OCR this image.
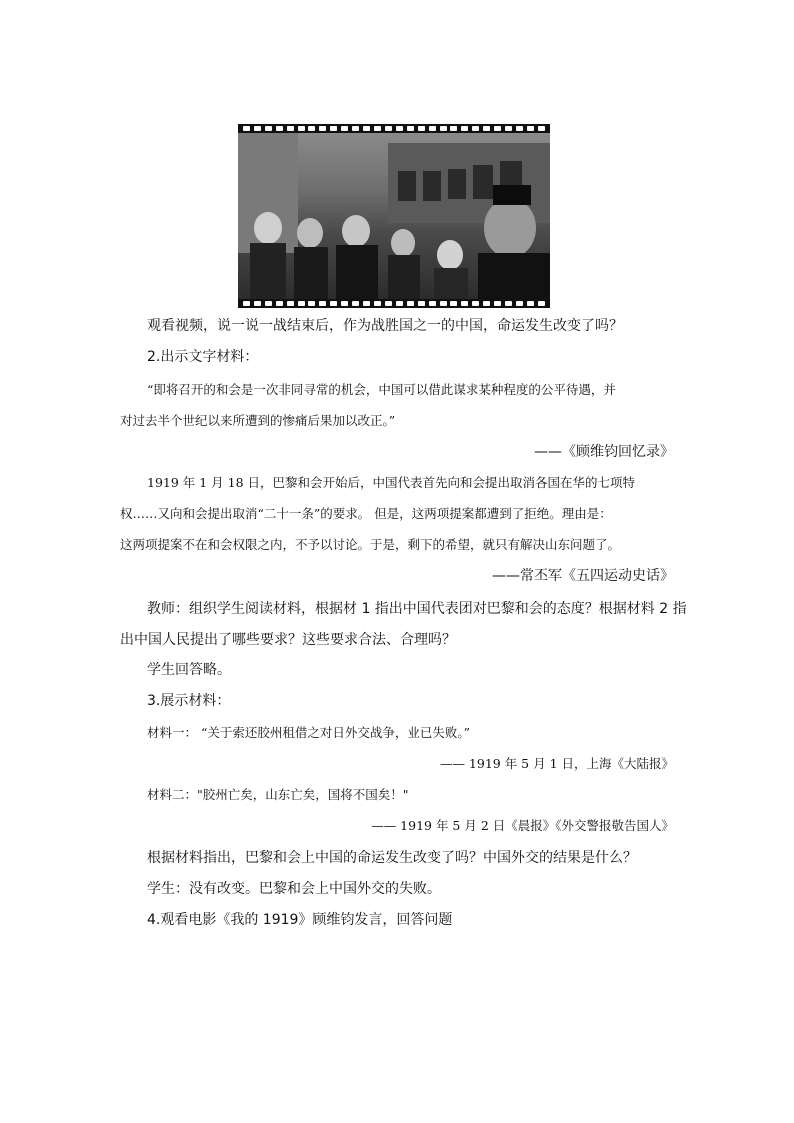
观看视频，说一说一战结束后，作为战胜国之一的中国，命运发生改变了吗？
2.出示文字材料：
“即将召开的和会是一次非同寻常的机会，中国可以借此谋求某种程度的公平待遇，并
对过去半个世纪以来所遭到的惨痛后果加以改正。”
——《顾维钧回忆录》
1919 年 1 月 18 日，巴黎和会开始后，中国代表首先向和会提出取消各国在华的七项特
权……又向和会提出取消“二十一条”的要求。 但是，这两项提案都遭到了拒绝。理由是：
这两项提案不在和会权限之内，不予以讨论。于是，剩下的希望，就只有解决山东问题了。
——常丕军《五四运动史话》
教师：组织学生阅读材料，根据材 1 指出中国代表团对巴黎和会的态度？根据材料 2 指
出中国人民提出了哪些要求？这些要求合法、合理吗？
学生回答略。
3.展示材料：
材料一： “关于索还胶州租借之对日外交战争，业已失败。”
—— 1919 年 5 月 1 日，上海《大陆报》
材料二："胶州亡矣，山东亡矣，国将不国矣！"
—— 1919 年 5 月 2 日《晨报》《外交警报敬告国人》
根据材料指出，巴黎和会上中国的命运发生改变了吗？中国外交的结果是什么？
学生：没有改变。巴黎和会上中国外交的失败。
4.观看电影《我的 1919》顾维钧发言，回答问题
